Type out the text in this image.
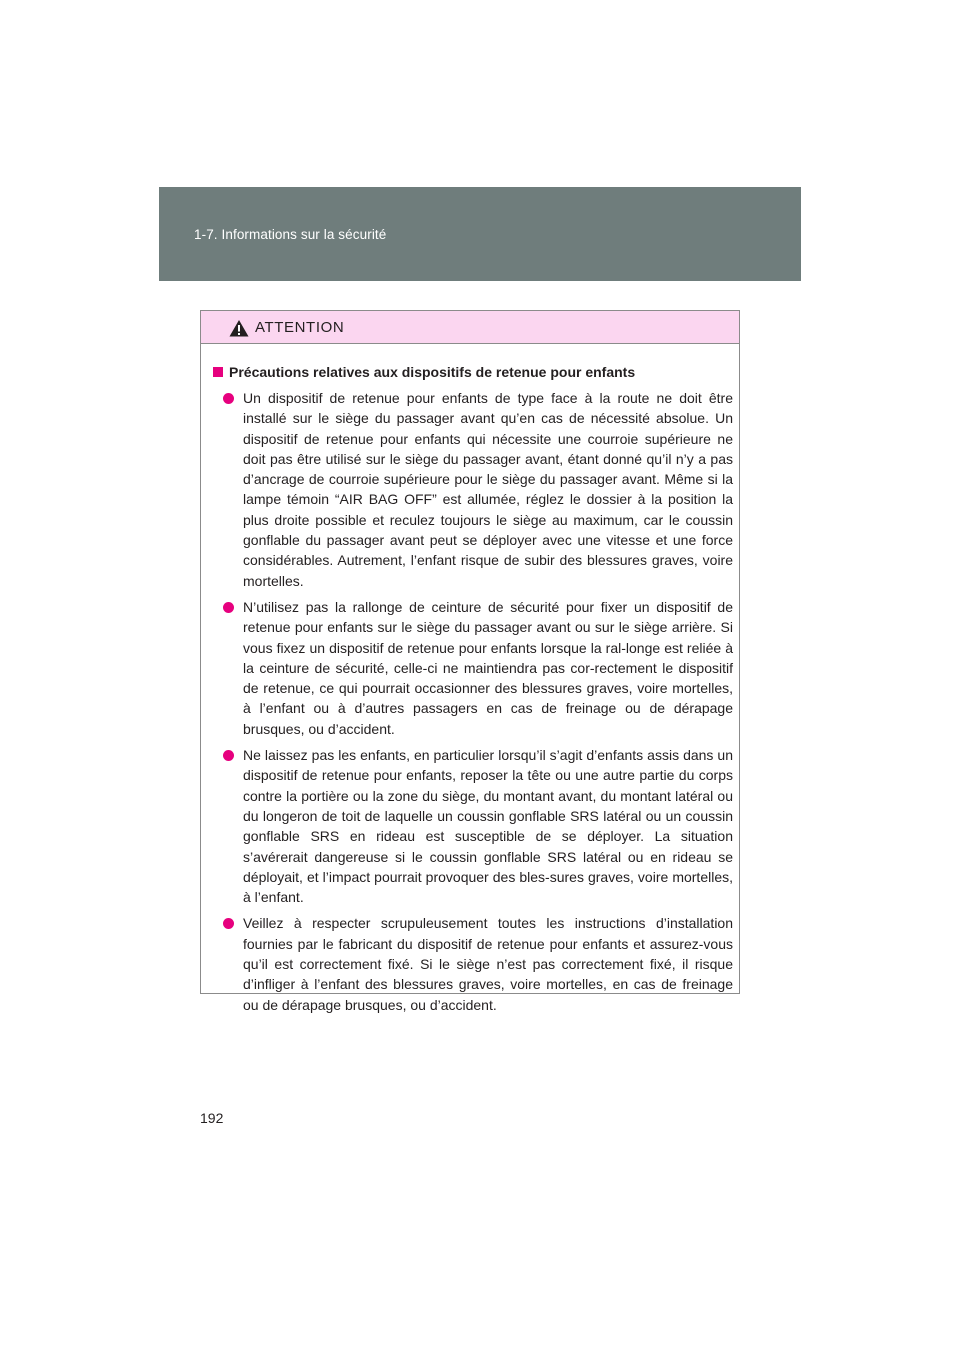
1-7. Informations sur la sécurité
ATTENTION
Précautions relatives aux dispositifs de retenue pour enfants

Un dispositif de retenue pour enfants de type face à la route ne doit être installé sur le siège du passager avant qu’en cas de nécessité absolue. Un dispositif de retenue pour enfants qui nécessite une courroie supérieure ne doit pas être utilisé sur le siège du passager avant, étant donné qu’il n’y a pas d’ancrage de courroie supérieure pour le siège du passager avant. Même si la lampe témoin “AIR BAG OFF” est allumée, réglez le dossier à la position la plus droite possible et reculez toujours le siège au maximum, car le coussin gonflable du passager avant peut se déployer avec une vitesse et une force considérables. Autrement, l’enfant risque de subir des blessures graves, voire mortelles.

N’utilisez pas la rallonge de ceinture de sécurité pour fixer un dispositif de retenue pour enfants sur le siège du passager avant ou sur le siège arrière. Si vous fixez un dispositif de retenue pour enfants lorsque la ral-longe est reliée à la ceinture de sécurité, celle-ci ne maintiendra pas cor-rectement le dispositif de retenue, ce qui pourrait occasionner des blessures graves, voire mortelles, à l’enfant ou à d’autres passagers en cas de freinage ou de dérapage brusques, ou d’accident.

Ne laissez pas les enfants, en particulier lorsqu’il s’agit d’enfants assis dans un dispositif de retenue pour enfants, reposer la tête ou une autre partie du corps contre la portière ou la zone du siège, du montant avant, du montant latéral ou du longeron de toit de laquelle un coussin gonflable SRS latéral ou un coussin gonflable SRS en rideau est susceptible de se déployer. La situation s’avérerait dangereuse si le coussin gonflable SRS latéral ou en rideau se déployait, et l’impact pourrait provoquer des bles-sures graves, voire mortelles, à l’enfant.

Veillez à respecter scrupuleusement toutes les instructions d’installation fournies par le fabricant du dispositif de retenue pour enfants et assurez-vous qu’il est correctement fixé. Si le siège n’est pas correctement fixé, il risque d’infliger à l’enfant des blessures graves, voire mortelles, en cas de freinage ou de dérapage brusques, ou d’accident.

192
